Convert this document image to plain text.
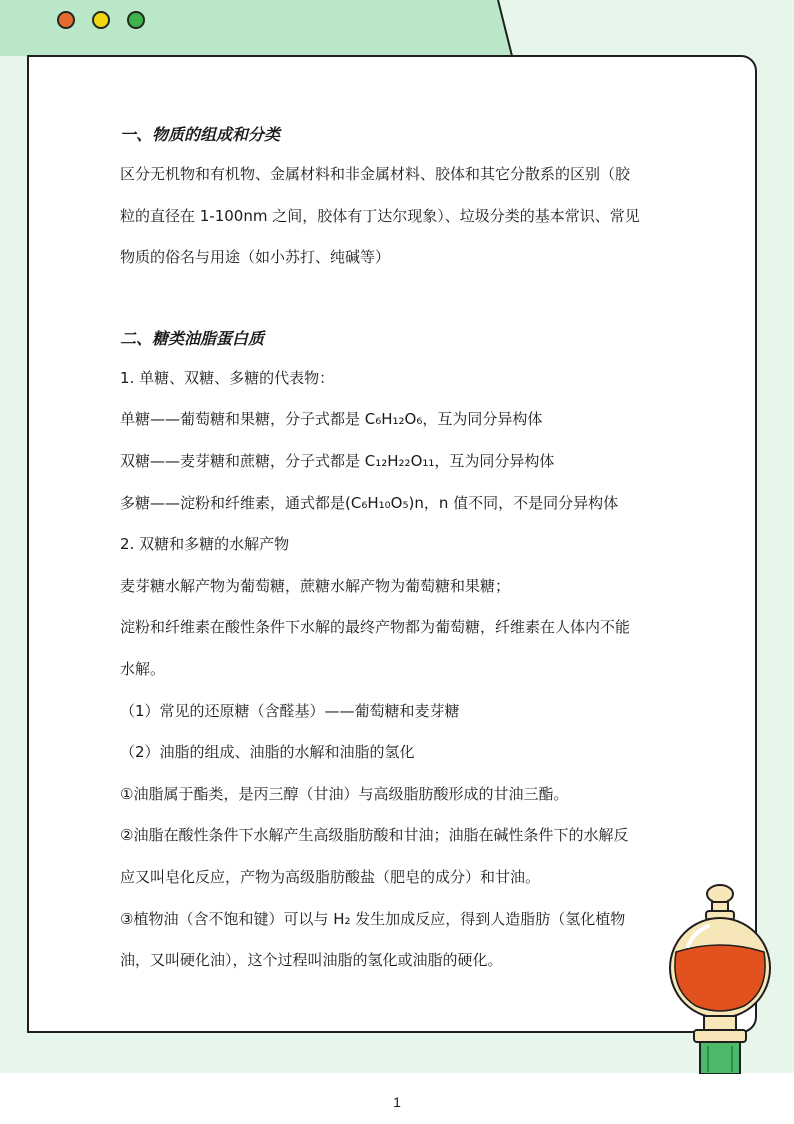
一、物质的组成和分类

区分无机物和有机物、金属材料和非金属材料、胶体和其它分散系的区别（胶

粒的直径在 1-100nm 之间，胶体有丁达尔现象）、垃圾分类的基本常识、常见

物质的俗名与用途（如小苏打、纯碱等）

二、糖类油脂蛋白质

1. 单糖、双糖、多糖的代表物：

单糖——葡萄糖和果糖，分子式都是 C₆H₁₂O₆，互为同分异构体

双糖——麦芽糖和蔗糖，分子式都是 C₁₂H₂₂O₁₁，互为同分异构体

多糖——淀粉和纤维素，通式都是(C₆H₁₀O₅)n，n 值不同，不是同分异构体

2. 双糖和多糖的水解产物

麦芽糖水解产物为葡萄糖，蔗糖水解产物为葡萄糖和果糖；

淀粉和纤维素在酸性条件下水解的最终产物都为葡萄糖，纤维素在人体内不能

水解。

（1）常见的还原糖（含醛基）——葡萄糖和麦芽糖

（2）油脂的组成、油脂的水解和油脂的氢化

①油脂属于酯类，是丙三醇（甘油）与高级脂肪酸形成的甘油三酯。

②油脂在酸性条件下水解产生高级脂肪酸和甘油；油脂在碱性条件下的水解反

应又叫皂化反应，产物为高级脂肪酸盐（肥皂的成分）和甘油。

③植物油（含不饱和键）可以与 H₂ 发生加成反应，得到人造脂肪（氢化植物

油，又叫硬化油），这个过程叫油脂的氢化或油脂的硬化。

1
